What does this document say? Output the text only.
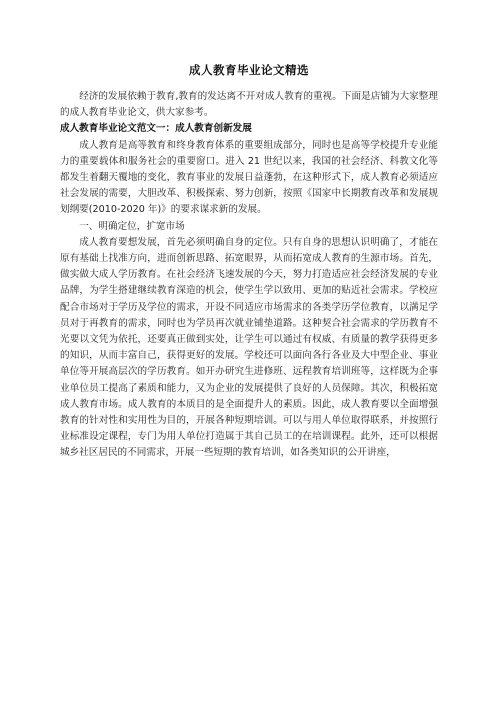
成人教育毕业论文精选

经济的发展依赖于教育,教育的发达离不开对成人教育的重视。下面是店铺为大家整理的成人教育毕业论文，供大家参考。

成人教育毕业论文范文一：成人教育创新发展

成人教育是高等教育和终身教育体系的重要组成部分，同时也是高等学校提升专业能力的重要载体和服务社会的重要窗口。进入 21 世纪以来，我国的社会经济、科教文化等都发生着翻天覆地的变化，教育事业的发展日益蓬勃，在这种形式下，成人教育必须适应社会发展的需要，大胆改革、积极探索、努力创新，按照《国家中长期教育改革和发展规划纲要(2010-2020 年)》的要求谋求新的发展。

一、明确定位，扩宽市场

成人教育要想发展，首先必须明确自身的定位。只有自身的思想认识明确了，才能在原有基础上找准方向，进而创新思路、拓宽眼界，从而拓宽成人教育的生源市场。首先，做实做大成人学历教育。在社会经济飞速发展的今天，努力打造适应社会经济发展的专业品牌，为学生搭建继续教育深造的机会，使学生学以致用、更加的贴近社会需求。学校应配合市场对于学历及学位的需求，开设不同适应市场需求的各类学历学位教育，以满足学员对于再教育的需求，同时也为学员再次就业铺垫道路。这种契合社会需求的学历教育不光要以文凭为依托，还要真正做到实处，让学生可以通过有权威、有质量的教学获得更多的知识，从而丰富自己，获得更好的发展。学校还可以面向各行各业及大中型企业、事业单位等开展高层次的学历教育。如开办研究生进修班、远程教育培训班等，这样既为企事业单位员工提高了素质和能力，又为企业的发展提供了良好的人员保障。其次，积极拓宽成人教育市场。成人教育的本质目的是全面提升人的素质。因此，成人教育要以全面增强教育的针对性和实用性为目的，开展各种短期培训。可以与用人单位取得联系，并按照行业标准设定课程，专门为用人单位打造属于其自己员工的在培训课程。此外，还可以根据城乡社区居民的不同需求，开展一些短期的教育培训，如各类知识的公开讲座，
